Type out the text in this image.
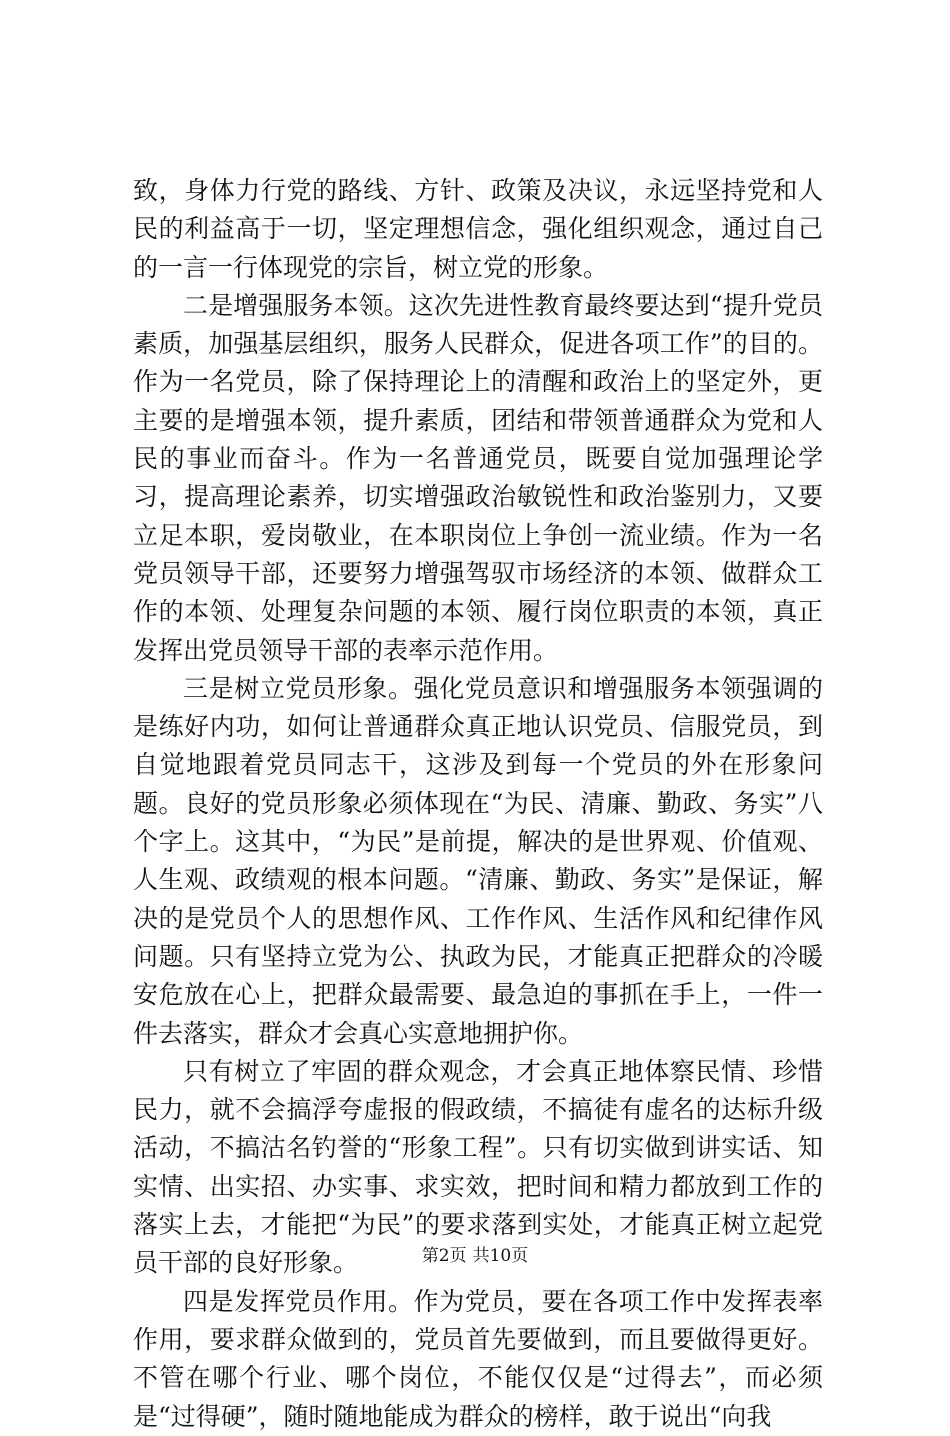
致，身体力行党的路线、方针、政策及决议，永远坚持党和人民的利益高于一切，坚定理想信念，强化组织观念，通过自己的一言一行体现党的宗旨，树立党的形象。

二是增强服务本领。这次先进性教育最终要达到“提升党员素质，加强基层组织，服务人民群众，促进各项工作”的目的。作为一名党员，除了保持理论上的清醒和政治上的坚定外，更主要的是增强本领，提升素质，团结和带领普通群众为党和人民的事业而奋斗。作为一名普通党员，既要自觉加强理论学习，提高理论素养，切实增强政治敏锐性和政治鉴别力，又要立足本职，爱岗敬业，在本职岗位上争创一流业绩。作为一名党员领导干部，还要努力增强驾驭市场经济的本领、做群众工作的本领、处理复杂问题的本领、履行岗位职责的本领，真正发挥出党员领导干部的表率示范作用。

三是树立党员形象。强化党员意识和增强服务本领强调的是练好内功，如何让普通群众真正地认识党员、信服党员，到自觉地跟着党员同志干，这涉及到每一个党员的外在形象问题。良好的党员形象必须体现在“为民、清廉、勤政、务实”八个字上。这其中，“为民”是前提，解决的是世界观、价值观、人生观、政绩观的根本问题。“清廉、勤政、务实”是保证，解决的是党员个人的思想作风、工作作风、生活作风和纪律作风问题。只有坚持立党为公、执政为民，才能真正把群众的冷暖安危放在心上，把群众最需要、最急迫的事抓在手上，一件一件去落实，群众才会真心实意地拥护你。

只有树立了牢固的群众观念，才会真正地体察民情、珍惜民力，就不会搞浮夸虚报的假政绩，不搞徒有虚名的达标升级活动，不搞沽名钓誉的“形象工程”。只有切实做到讲实话、知实情、出实招、办实事、求实效，把时间和精力都放到工作的落实上去，才能把“为民”的要求落到实处，才能真正树立起党员干部的良好形象。

四是发挥党员作用。作为党员，要在各项工作中发挥表率作用，要求群众做到的，党员首先要做到，而且要做得更好。不管在哪个行业、哪个岗位，不能仅仅是“过得去”，而必须是“过得硬”，随时随地能成为群众的榜样，敢于说出“向我

第2页 共10页
